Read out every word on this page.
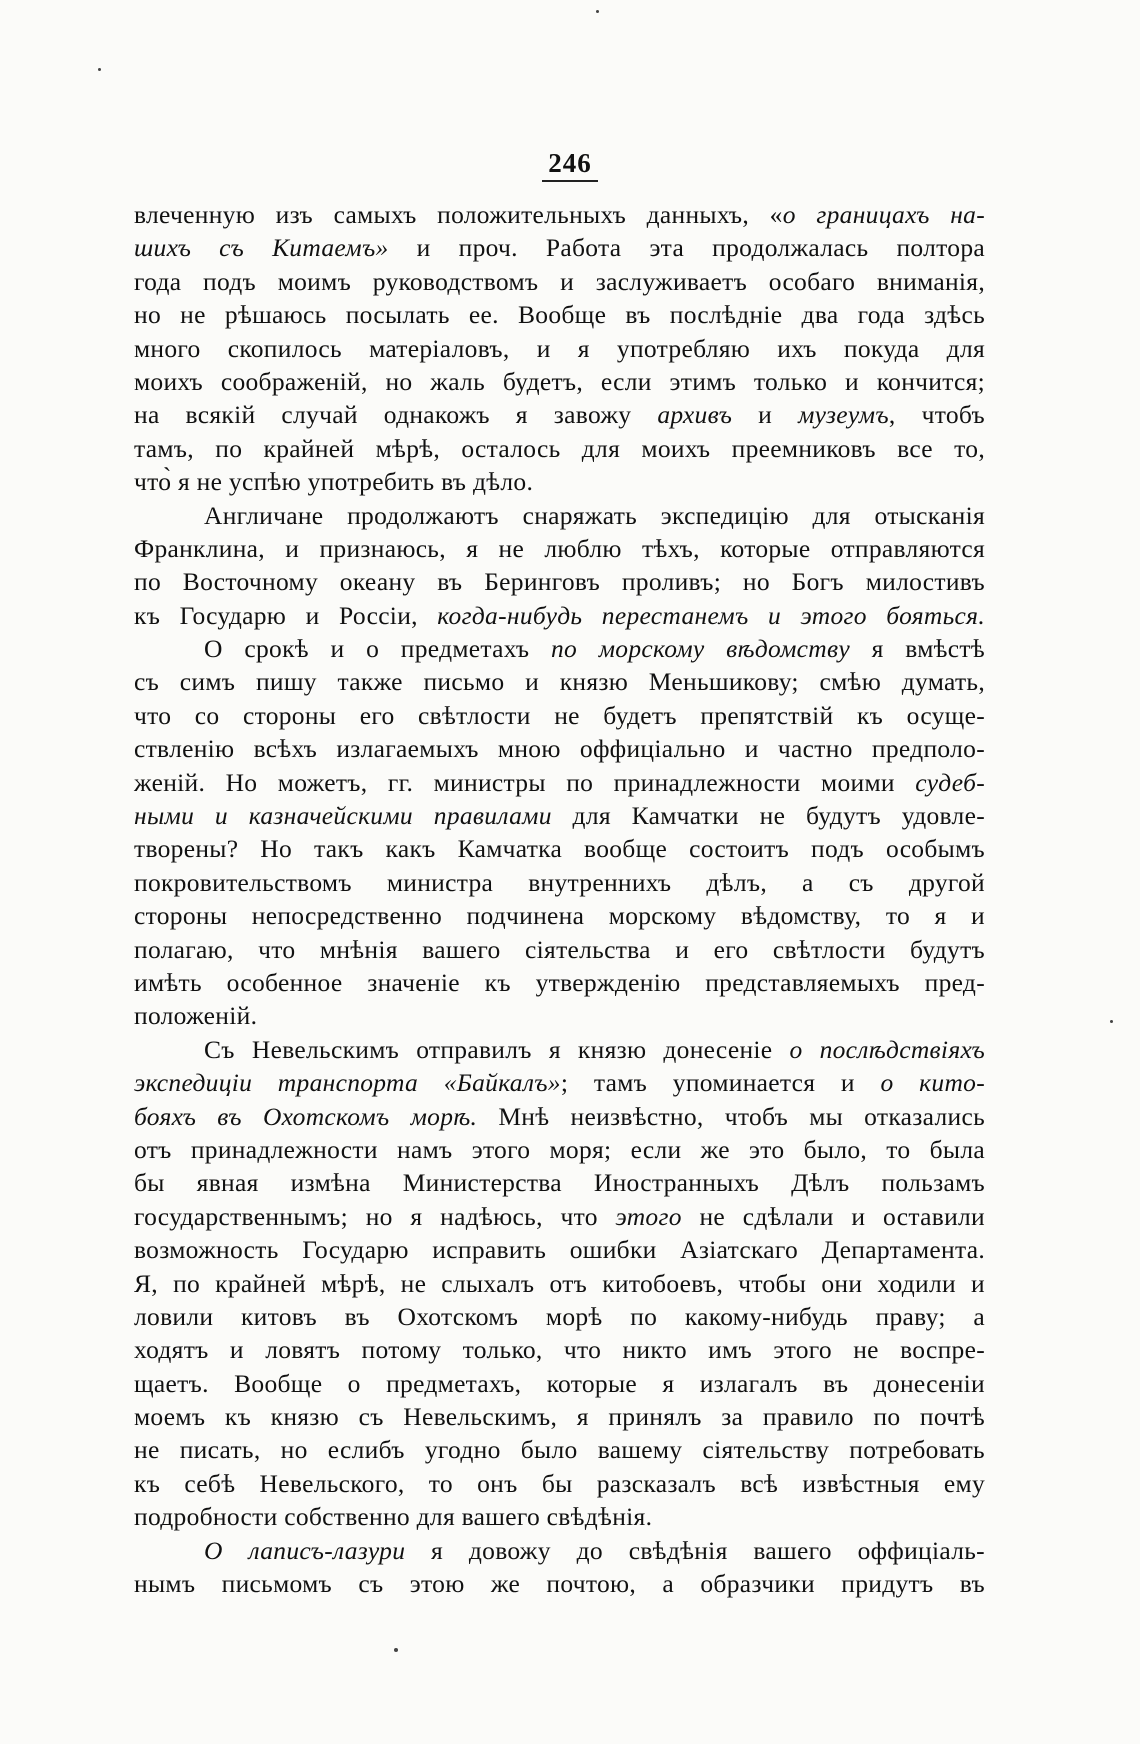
246
влеченную изъ самыхъ положительныхъ данныхъ, «о границахъ на-
шихъ съ Китаемъ» и проч. Работа эта продолжалась полтора
года подъ моимъ руководствомъ и заслуживаетъ особаго вниманія,
но не рѣшаюсь посылать ее. Вообще въ послѣдніе два года здѣсь
много скопилось матеріаловъ, и я употребляю ихъ покуда для
моихъ соображеній, но жаль будетъ, если этимъ только и кончится;
на всякій случай однакожъ я завожу архивъ и музеумъ, чтобъ
тамъ, по крайней мѣрѣ, осталось для моихъ преемниковъ все то,
что̀ я не успѣю употребить въ дѣло.
Англичане продолжаютъ снаряжать экспедицію для отысканія
Франклина, и признаюсь, я не люблю тѣхъ, которые отправляются
по Восточному океану въ Беринговъ проливъ; но Богъ милостивъ
къ Государю и Россіи, когда-нибудь перестанемъ и этого бояться.
О срокѣ и о предметахъ по морскому вѣдомству я вмѣстѣ
съ симъ пишу также письмо и князю Меньшикову; смѣю думать,
что со стороны его свѣтлости не будетъ препятствій къ осуще-
ствленію всѣхъ излагаемыхъ мною оффиціально и частно предполо-
женій. Но можетъ, гг. министры по принадлежности моими судеб-
ными и казначейскими правилами для Камчатки не будутъ удовле-
творены? Но такъ какъ Камчатка вообще состоитъ подъ особымъ
покровительствомъ министра внутреннихъ дѣлъ, а съ другой
стороны непосредственно подчинена морскому вѣдомству, то я и
полагаю, что мнѣнія вашего сіятельства и его свѣтлости будутъ
имѣть особенное значеніе къ утвержденію представляемыхъ пред-
положеній.
Съ Невельскимъ отправилъ я князю донесеніе о послѣдствіяхъ
экспедиціи транспорта «Байкалъ»; тамъ упоминается и о кито-
бояхъ въ Охотскомъ морѣ. Мнѣ неизвѣстно, чтобъ мы отказались
отъ принадлежности намъ этого моря; если же это было, то была
бы явная измѣна Министерства Иностранныхъ Дѣлъ пользамъ
государственнымъ; но я надѣюсь, что этого не сдѣлали и оставили
возможность Государю исправить ошибки Азіатскаго Департамента.
Я, по крайней мѣрѣ, не слыхалъ отъ китобоевъ, чтобы они ходили и
ловили китовъ въ Охотскомъ морѣ по какому-нибудь праву; а
ходятъ и ловятъ потому только, что никто имъ этого не воспре-
щаетъ. Вообще о предметахъ, которые я излагалъ въ донесеніи
моемъ къ князю съ Невельскимъ, я принялъ за правило по почтѣ
не писать, но еслибъ угодно было вашему сіятельству потребовать
къ себѣ Невельского, то онъ бы разсказалъ всѣ извѣстныя ему
подробности собственно для вашего свѣдѣнія.
О лаписъ-лазури я довожу до свѣдѣнія вашего оффиціаль-
нымъ письмомъ съ этою же почтою, а образчики придутъ въ
